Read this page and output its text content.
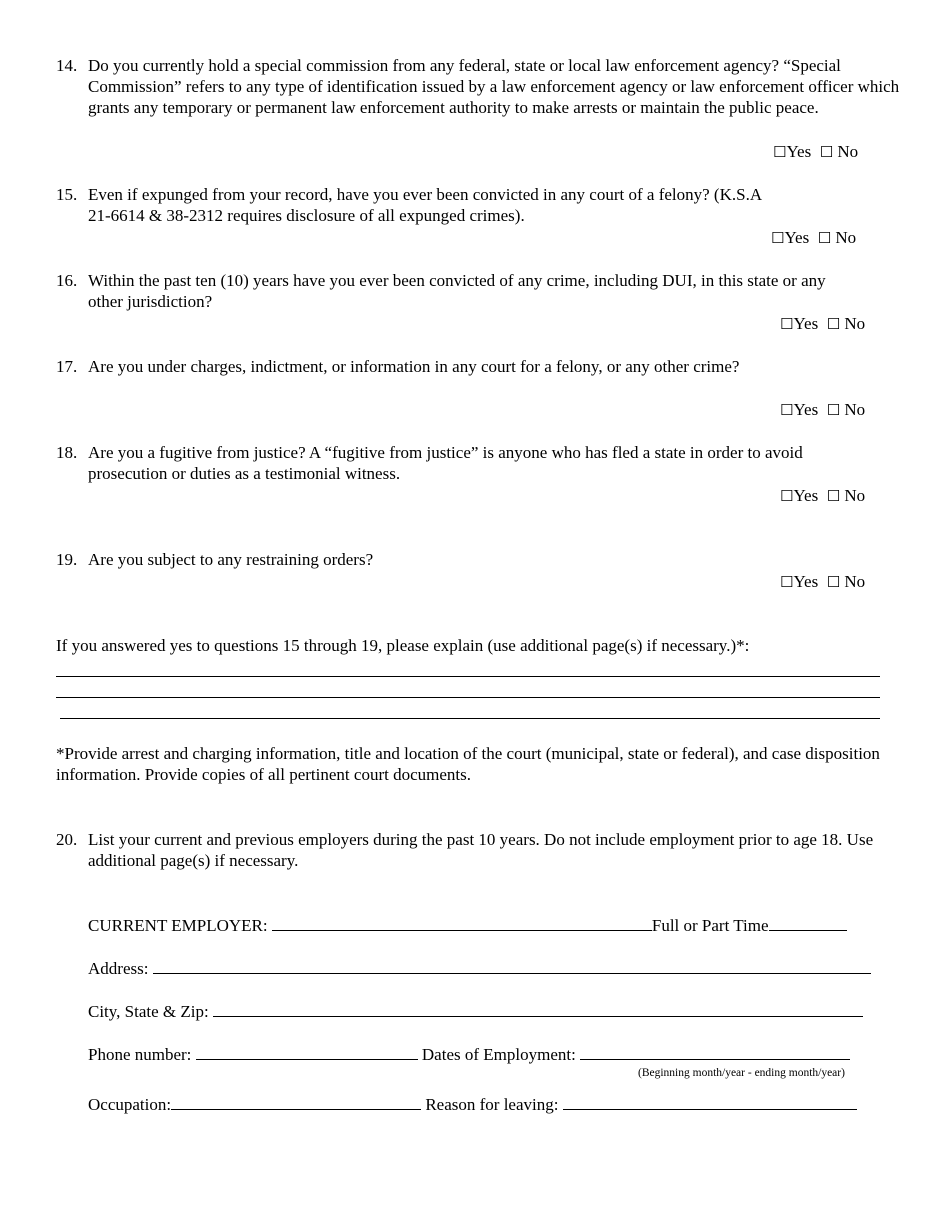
14. Do you currently hold a special commission from any federal, state or local law enforcement agency? “Special Commission” refers to any type of identification issued by a law enforcement agency or law enforcement officer which grants any temporary or permanent law enforcement authority to make arrests or maintain the public peace.
☐Yes ☐ No
15. Even if expunged from your record, have you ever been convicted in any court of a felony? (K.S.A 21-6614 & 38-2312 requires disclosure of all expunged crimes).
☐Yes ☐ No
16. Within the past ten (10) years have you ever been convicted of any crime, including DUI, in this state or any other jurisdiction?
☐Yes ☐ No
17. Are you under charges, indictment, or information in any court for a felony, or any other crime?
☐Yes ☐ No
18. Are you a fugitive from justice? A “fugitive from justice” is anyone who has fled a state in order to avoid prosecution or duties as a testimonial witness.
☐Yes ☐ No
19. Are you subject to any restraining orders?
☐Yes ☐ No
If you answered yes to questions 15 through 19, please explain (use additional page(s) if necessary.)*:
*Provide arrest and charging information, title and location of the court (municipal, state or federal), and case disposition information. Provide copies of all pertinent court documents.
20. List your current and previous employers during the past 10 years. Do not include employment prior to age 18. Use additional page(s) if necessary.
CURRENT EMPLOYER:	Full or Part Time
Address:
City, State & Zip:
Phone number:	Dates of Employment:
(Beginning month/year - ending month/year)
Occupation:	Reason for leaving:
